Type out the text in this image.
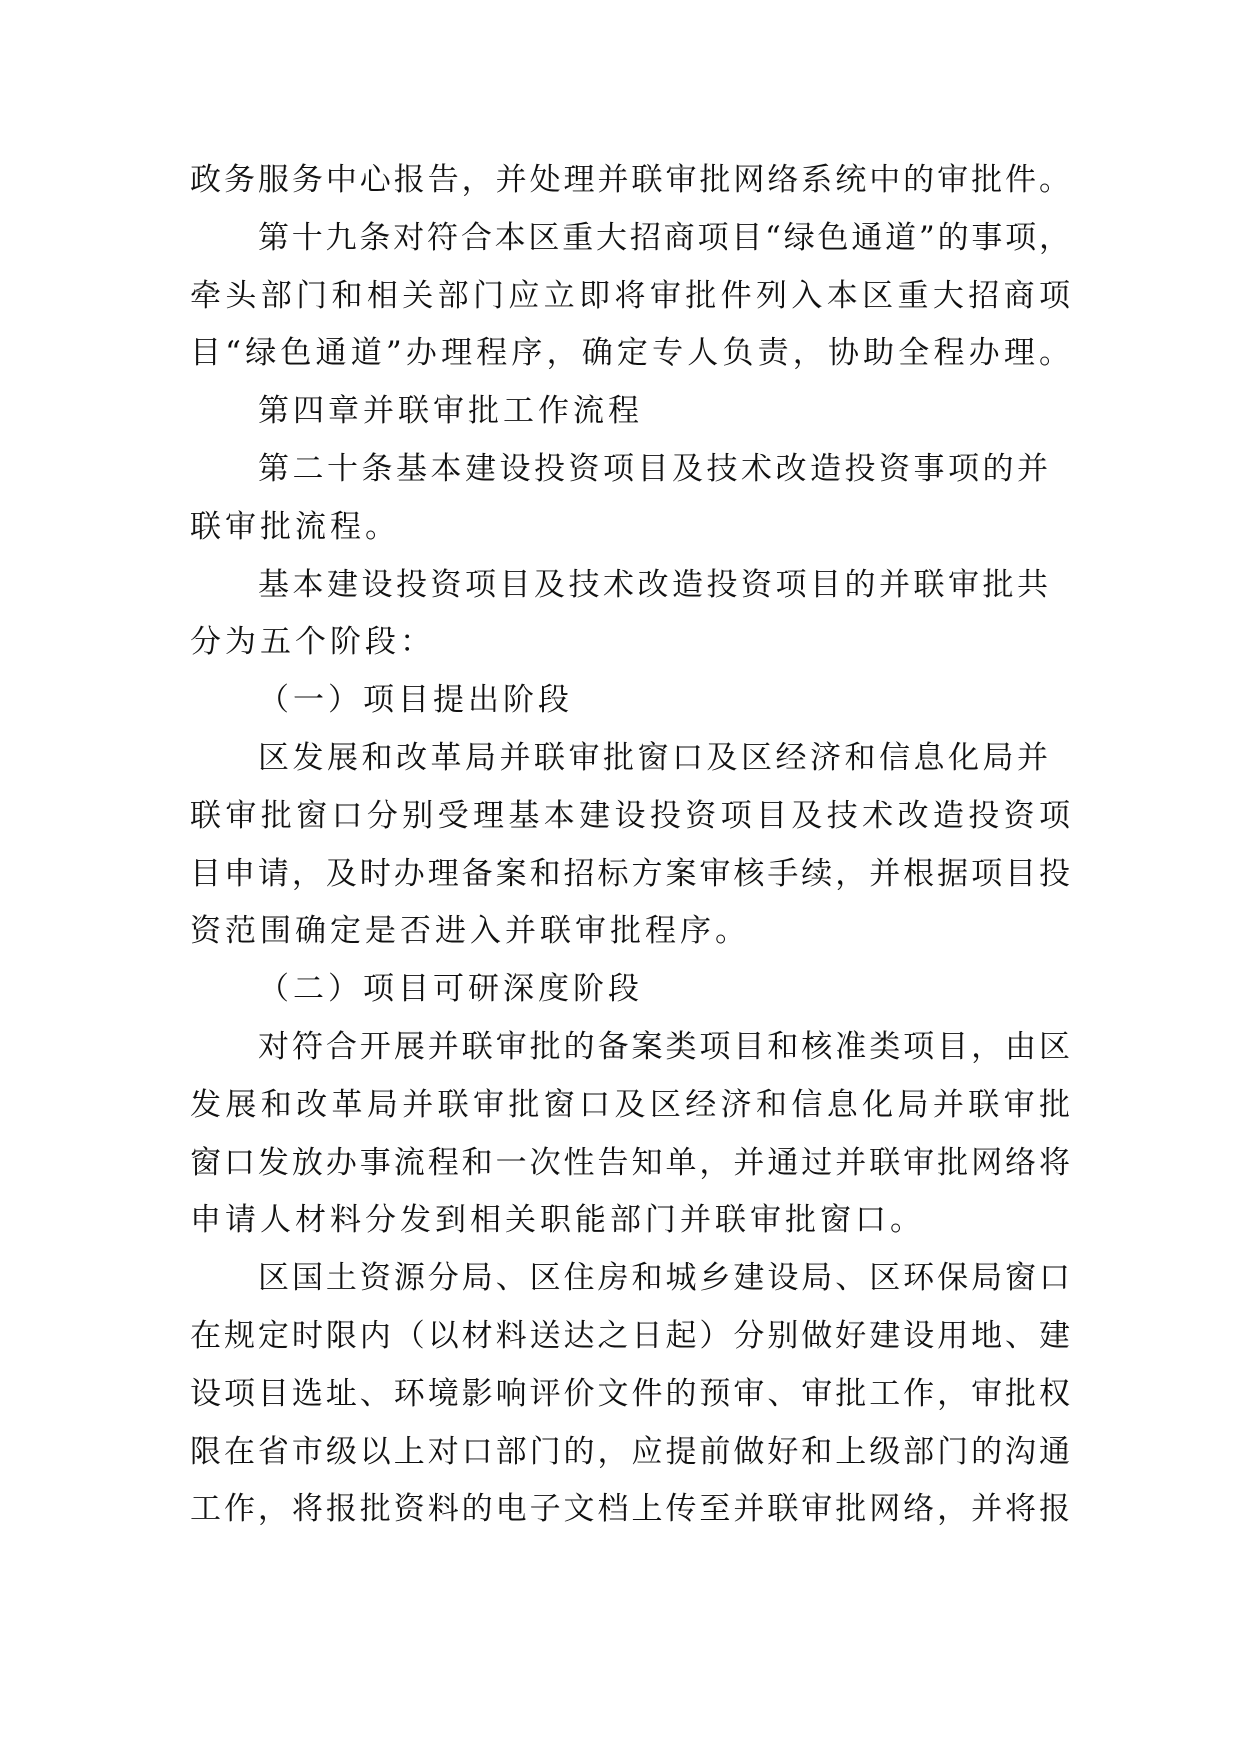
政务服务中心报告，并处理并联审批网络系统中的审批件。
第十九条对符合本区重大招商项目“绿色通道”的事项，
牵头部门和相关部门应立即将审批件列入本区重大招商项
目“绿色通道”办理程序，确定专人负责，协助全程办理。
第四章并联审批工作流程
第二十条基本建设投资项目及技术改造投资事项的并
联审批流程。
基本建设投资项目及技术改造投资项目的并联审批共
分为五个阶段：
（一）项目提出阶段
区发展和改革局并联审批窗口及区经济和信息化局并
联审批窗口分别受理基本建设投资项目及技术改造投资项
目申请，及时办理备案和招标方案审核手续，并根据项目投
资范围确定是否进入并联审批程序。
（二）项目可研深度阶段
对符合开展并联审批的备案类项目和核准类项目，由区
发展和改革局并联审批窗口及区经济和信息化局并联审批
窗口发放办事流程和一次性告知单，并通过并联审批网络将
申请人材料分发到相关职能部门并联审批窗口。
区国土资源分局、区住房和城乡建设局、区环保局窗口
在规定时限内（以材料送达之日起）分别做好建设用地、建
设项目选址、环境影响评价文件的预审、审批工作，审批权
限在省市级以上对口部门的，应提前做好和上级部门的沟通
工作，将报批资料的电子文档上传至并联审批网络，并将报
